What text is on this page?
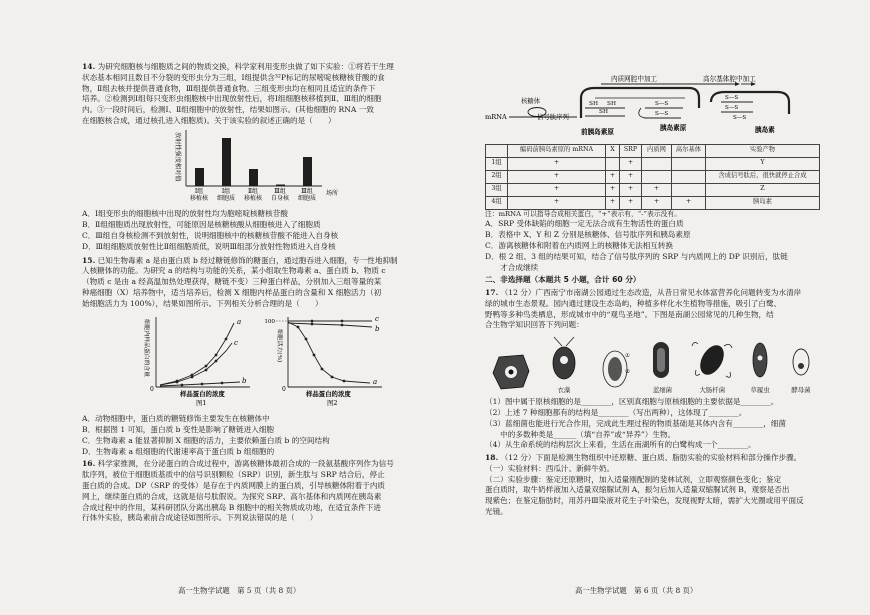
14. 为研究细胞核与细胞质之间的物质交换，科学家利用变形虫做了如下实验：①将若干生理
状态基本相同且数目不分裂的变形虫分为三组，Ⅰ组提供含³²P标记的尿嘧啶核糖核苷酸的食
物，Ⅱ组去核并提供普通食物，Ⅲ组提供普通食物。三组变形虫均在相同且适宜的条件下
培养。②检测到Ⅰ组每只变形虫细胞核中出现放射性后，将Ⅰ组细胞核移植到Ⅱ、Ⅲ组的细胞
内。③一段时间后，检测Ⅰ、Ⅱ组细胞中的放射性，结果如图示。(其他细胞的 RNA 一致
在细胞核合成，通过核孔进入细胞质)。关于该实验的叙述正确的是（　　）
放射性强度相对值
Ⅰ组
移植核
Ⅰ组
细胞质
Ⅱ组
移植核
Ⅲ组
自身核
Ⅲ组
细胞质
场所
A．Ⅰ组变形虫的细胞核中出现的放射性均为胞嘧啶核糖核苷酸
B．Ⅱ组细胞质出现放射性，可能原因是核糖核酸从细胞核进入了细胞质
C．Ⅲ组自身核检测不到放射性，说明细胞核中的核糖核苷酸不能进入自身核
D．Ⅲ组细胞质放射性比Ⅱ组细胞质低，说明Ⅲ组部分放射性物质进入自身核
15. 已知生物毒素 a 是由蛋白质 b 经过糖链修饰的糖蛋白，通过胞吞进入细胞，专一性地抑制
人核糖体的功能。为研究 a 的结构与功能的关系，某小组取生物毒素 a、蛋白质 b、物质 c
（物质 c 是由 a 经高温加热处理获得，糖链不变）三种蛋白样品，分别加入三组等量的某
种癌细胞（X）培养物中，适当培养后，检测 X 细胞内样品蛋白的含量和 X 细胞活力（初
始细胞活力为 100%），结果如图所示。下列相关分析合理的是（　　）
细胞内样品蛋白的含量	a
c
b
0
样品蛋白的浓度
图1
细胞活力(%)
100	c
b
a
0
样品蛋白的浓度
图2
A．动物细胞中，蛋白质的糖链修饰主要发生在核糖体中
B．根据图 1 可知，蛋白质 b 变性是影响了糖链进入细胞
C．生物毒素 a 能显著抑制 X 细胞的活力，主要依赖蛋白质 b 的空间结构
D．生物毒素 a 组细胞的代谢速率高于蛋白质 b 组细胞的
16. 科学家推测，在分泌蛋白的合成过程中，游离核糖体最初合成的一段氨基酸序列作为信号
肽序列，被位于细胞质基质中的信号识别颗粒（SRP）识别，新生肽与 SRP 结合后，停止
蛋白质的合成。DP（SRP 的受体）是存在于内质网膜上的蛋白质，引导核糖体附着于内质
网上，继续蛋白质的合成，这就是信号肽假说。为探究 SRP、高尔基体和内质网在胰岛素
合成过程中的作用，某科研团队分离出胰岛 B 细胞中的相关物质成功地，在适宜条件下进
行体外实验，胰岛素前合成途径如图所示。下列说法错误的是（　　）
高一生物学试题　第 5 页（共 8 页）
内质网腔中加工	高尔基体腔中加工
mRNA
核糖体
信号肽序列
SH SH
SH
前胰岛素原
S—S
S—S
胰岛素原
S—S
S—S
S—S
胰岛素
	编码前胰岛素原的 mRNA	X	SRP	内质网	高尔基体	实验产物
1组	+		+			Y
2组	+	+	+			含成信号肽后，很快就停止合成
3组	+	+	+	+		Z
4组	+	+	+	+	+	胰岛素
注：mRNA 可以指导合成相关蛋白，“+”表示有，“-”表示没有。
A．SRP 受体缺陷的细胞一定无法合成有生物活性的蛋白质
B．表格中 X、Y 和 Z 分别是核糖体、信号肽序列和胰岛素原
C．游离核糖体和附着在内质网上的核糖体无法相互转换
D．根 2 组、3 组的结果可知，结合了信号肽序列的 SRP 与内质网上的 DP 识别后，肽链
　　才合成继续
二、非选择题（本题共 5 小题，合计 60 分）
17. （12 分）广西南宁市南湖公园通过生态改造，从昔日常见水体富营养化问题转变为水清岸
绿的城市生态景观。园内通过建设生态岛屿，种植多样化水生植物等措施，吸引了白鹭、
野鸭等多种鸟类栖息，形成城市中的“观鸟圣地”。下图是南湖公园常见的几种生物，结
合生物学知识回答下列问题：
衣藻
①
②
蓝细菌	大肠杆菌	草履虫	酵母菌
（1）图中属于原核细胞的是________，区别真细胞与原核细胞的主要依据是________。
（2）上述 7 种细胞都有的结构是________（写出两种），这体现了________。
（3）蓝细菌也能进行光合作用，完成此生理过程的物质基础是其体内含有________，细菌
　　中的多数种类是______（填“自养”或“异养”）生物。
（4）从生命系统的结构层次上来看，生活在南湖所有的白鹭构成一个________。
18. （12 分）下面是检测生物组织中还原糖、蛋白质、脂肪实验的实验材料和部分操作步骤。
（一）实验材料：西瓜汁、新鲜牛奶。
（二）实验步骤：鉴定还原糖时，加入适量刚配制的斐林试剂，立即观察颜色变化；鉴定
蛋白质时，取牛奶样液加入适量双缩脲试剂 A，振匀后加入适量双缩脲试剂 B，观察是否出
现紫色；在鉴定脂肪时，用苏丹Ⅲ染液对花生子叶染色，发现视野太暗，需扩大光圈或用平面反
光镜。
高一生物学试题　第 6 页（共 8 页）
